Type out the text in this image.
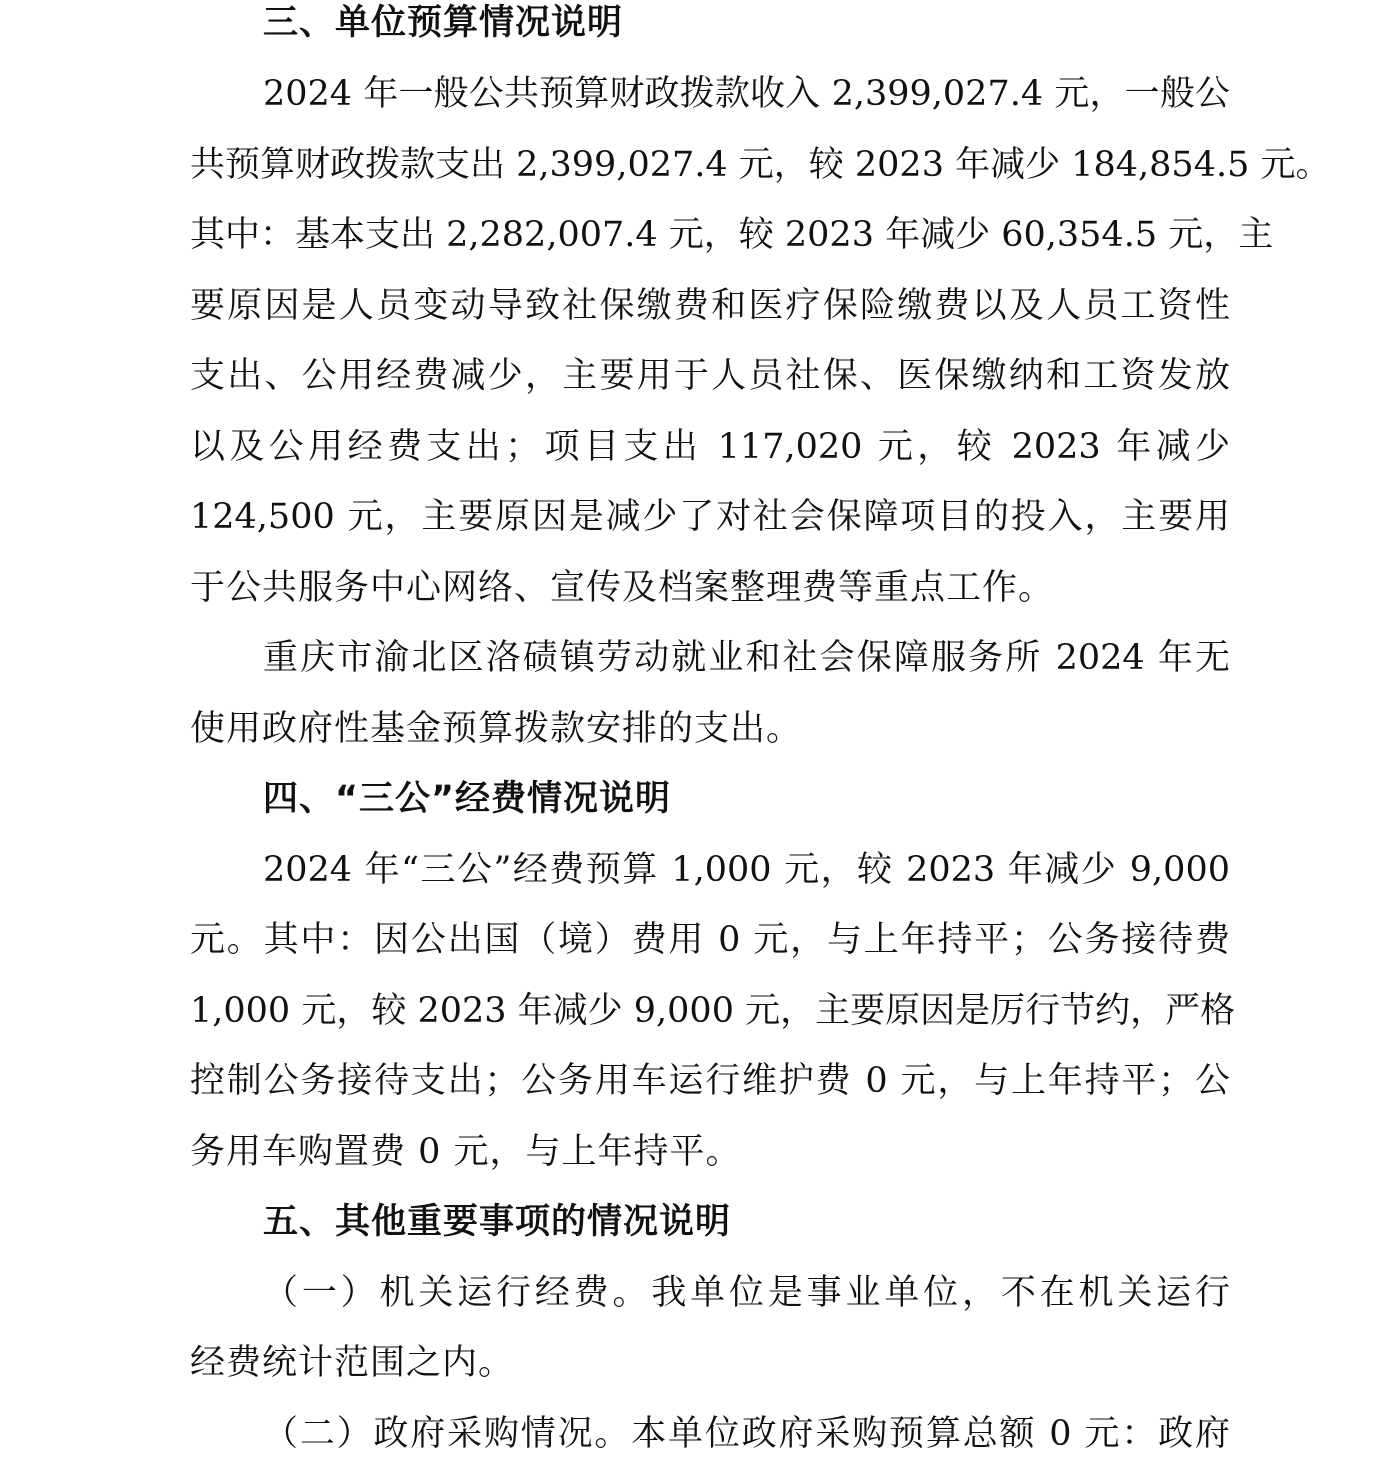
三、单位预算情况说明
2024 年一般公共预算财政拨款收入 2,399,027.4 元，一般公
共预算财政拨款支出 2,399,027.4 元，较 2023 年减少 184,854.5 元。
其中：基本支出 2,282,007.4 元，较 2023 年减少 60,354.5 元，主
要原因是人员变动导致社保缴费和医疗保险缴费以及人员工资性
支出、公用经费减少，主要用于人员社保、医保缴纳和工资发放
以及公用经费支出；项目支出 117,020 元，较 2023 年减少
124,500 元，主要原因是减少了对社会保障项目的投入，主要用
于公共服务中心网络、宣传及档案整理费等重点工作。
重庆市渝北区洛碛镇劳动就业和社会保障服务所 2024 年无
使用政府性基金预算拨款安排的支出。
四、“三公”经费情况说明
2024 年“三公”经费预算 1,000 元，较 2023 年减少 9,000
元。其中：因公出国（境）费用 0 元，与上年持平；公务接待费
1,000 元，较 2023 年减少 9,000 元，主要原因是厉行节约，严格
控制公务接待支出；公务用车运行维护费 0 元，与上年持平；公
务用车购置费 0 元，与上年持平。
五、其他重要事项的情况说明
（一）机关运行经费。我单位是事业单位，不在机关运行
经费统计范围之内。
（二）政府采购情况。本单位政府采购预算总额 0 元：政府
